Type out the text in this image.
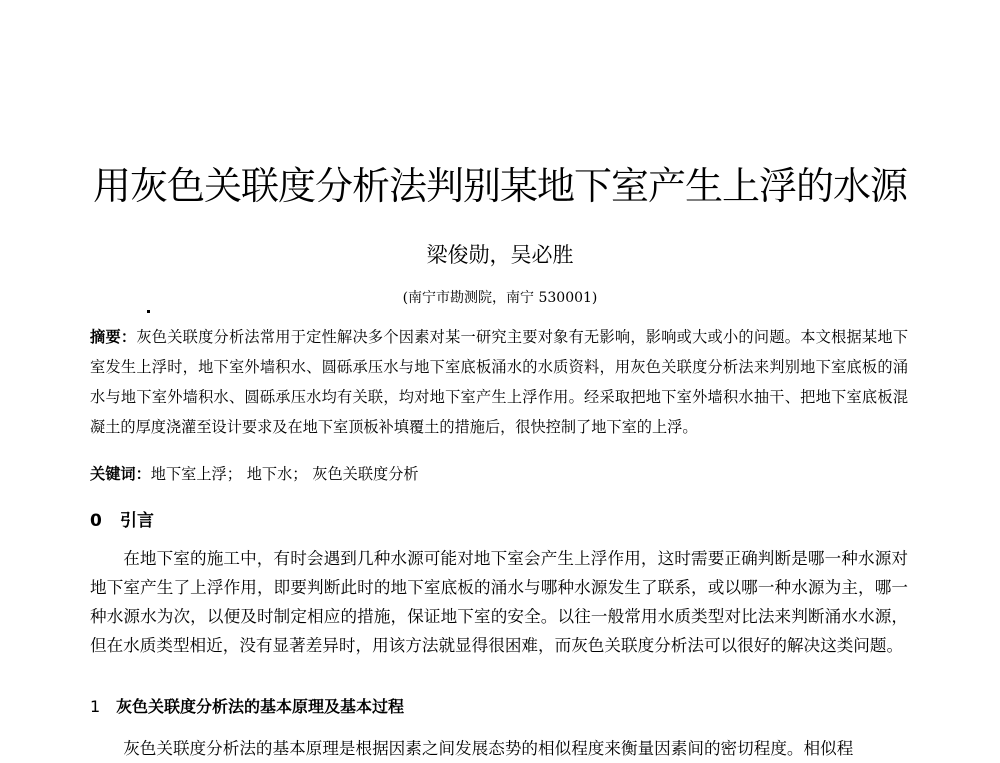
用灰色关联度分析法判别某地下室产生上浮的水源
梁俊勋，吴必胜
(南宁市勘测院，南宁 530001)
摘要：灰色关联度分析法常用于定性解决多个因素对某一研究主要对象有无影响，影响或大或小的问题。本文根据某地下室发生上浮时，地下室外墙积水、圆砾承压水与地下室底板涌水的水质资料，用灰色关联度分析法来判别地下室底板的涌水与地下室外墙积水、圆砾承压水均有关联，均对地下室产生上浮作用。经采取把地下室外墙积水抽干、把地下室底板混凝土的厚度浇灌至设计要求及在地下室顶板补填覆土的措施后，很快控制了地下室的上浮。
关键词：地下室上浮； 地下水； 灰色关联度分析
0 引言
在地下室的施工中，有时会遇到几种水源可能对地下室会产生上浮作用，这时需要正确判断是哪一种水源对地下室产生了上浮作用，即要判断此时的地下室底板的涌水与哪种水源发生了联系，或以哪一种水源为主，哪一种水源水为次，以便及时制定相应的措施，保证地下室的安全。以往一般常用水质类型对比法来判断涌水水源，但在水质类型相近，没有显著差异时，用该方法就显得很困难，而灰色关联度分析法可以很好的解决这类问题。
1 灰色关联度分析法的基本原理及基本过程
灰色关联度分析法的基本原理是根据因素之间发展态势的相似程度来衡量因素间的密切程度。相似程
